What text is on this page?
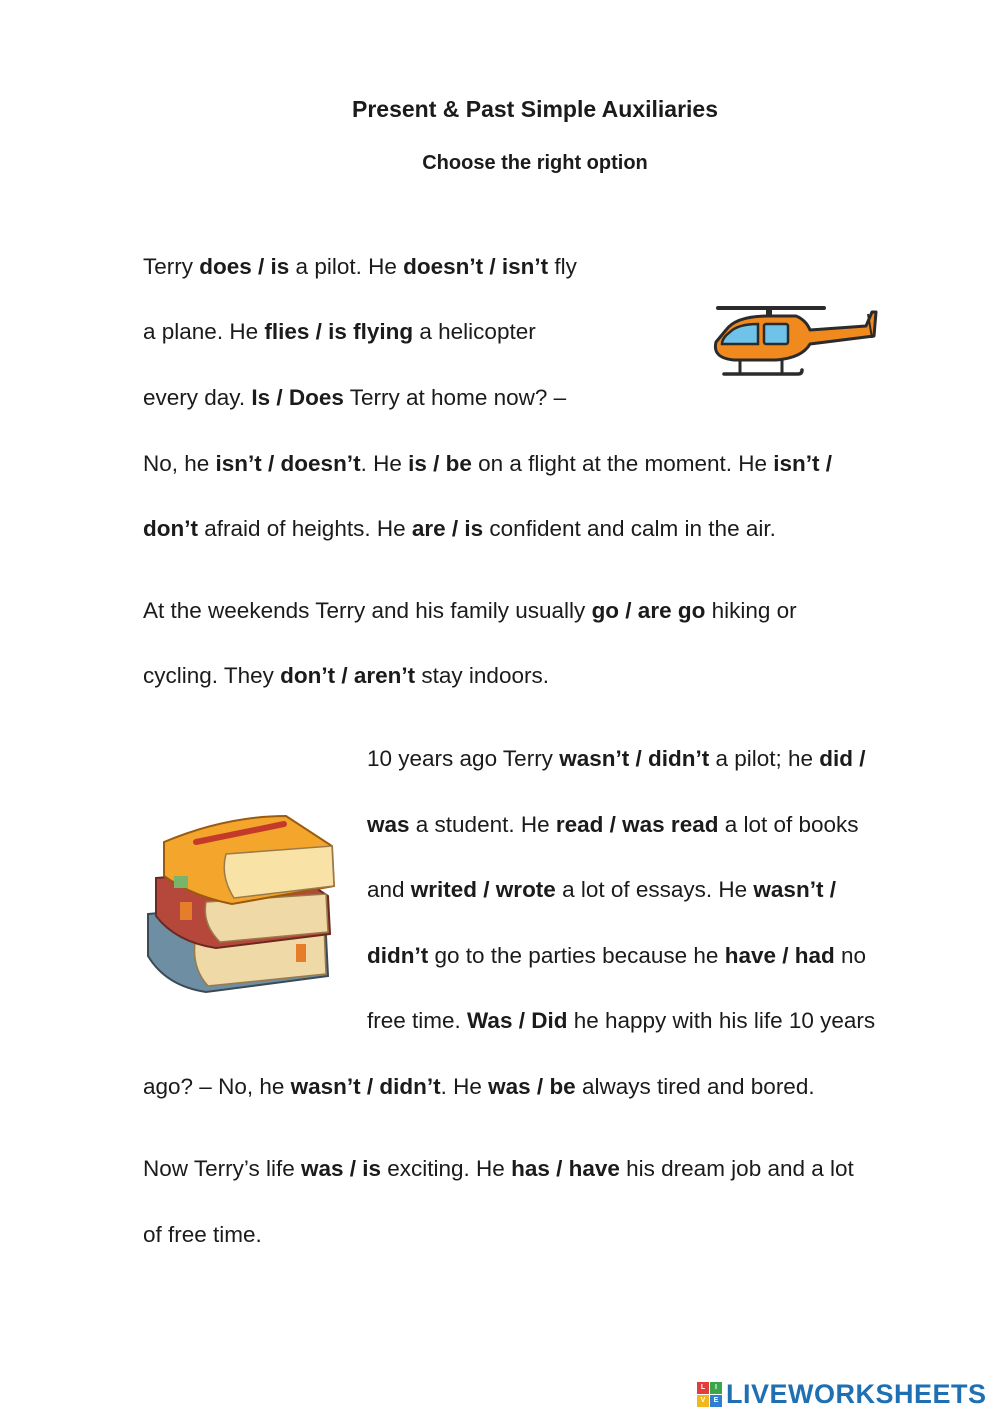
Present & Past Simple Auxiliaries
Choose the right option
Terry does / is a pilot. He doesn’t / isn’t fly
a plane. He flies / is flying a helicopter
every day. Is / Does Terry at home now? –
No, he isn’t / doesn’t. He is / be on a flight at the moment. He isn’t /
don’t afraid of heights. He are / is confident and calm in the air.
At the weekends Terry and his family usually go / are go hiking or
cycling. They don’t / aren’t stay indoors.
10 years ago Terry wasn’t / didn’t a pilot; he did /
was a student. He read / was read a lot of books
and writed / wrote a lot of essays. He wasn’t /
didn’t go to the parties because he have / had no
free time. Was / Did he happy with his life 10 years
ago? – No, he wasn’t / didn’t. He was / be always tired and bored.
Now Terry’s life was / is exciting. He has / have his dream job and a lot
of free time.
L	I
V	E LIVEWORKSHEETS
